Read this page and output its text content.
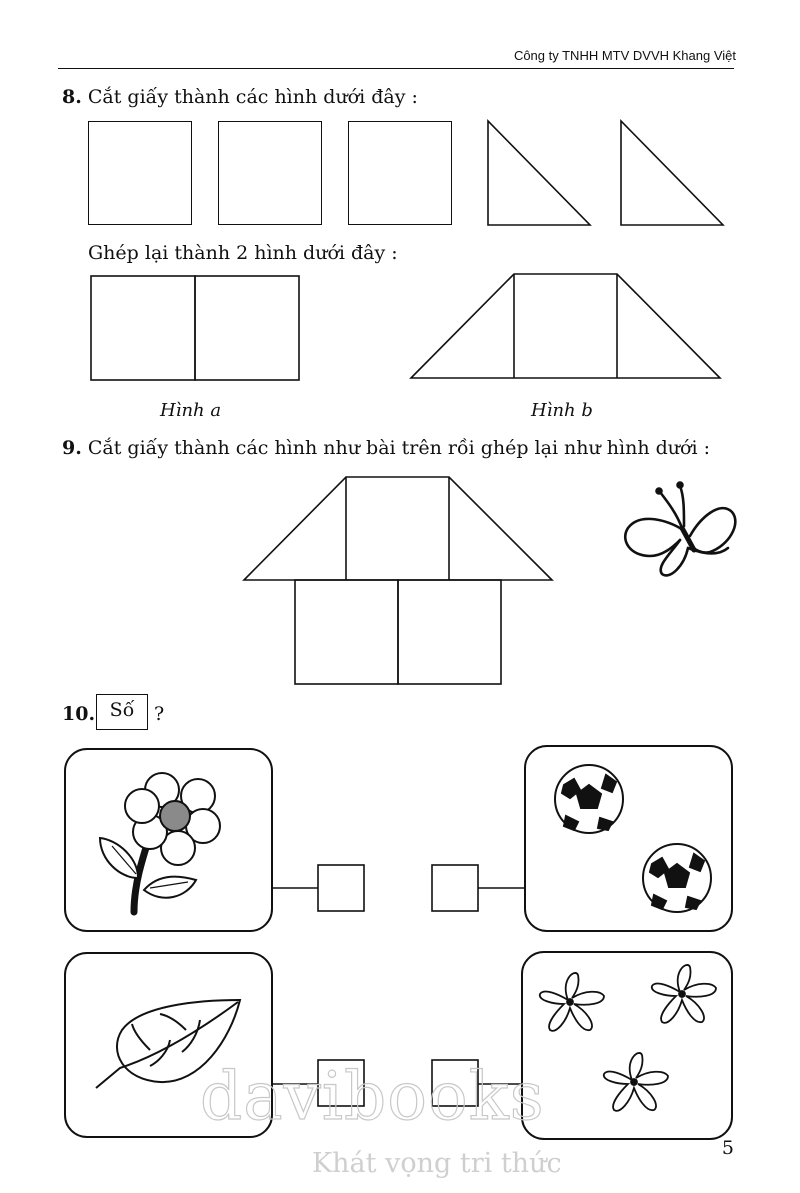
Công ty TNHH MTV DVVH Khang Việt
8. Cắt giấy thành các hình dưới đây :
Hình a	Hình b
Ghép lại thành 2 hình dưới đây :
9. Cắt giấy thành các hình như bài trên rồi ghép lại như hình dưới :
10. Số	?
5
davibooks
Khát vọng tri thức
